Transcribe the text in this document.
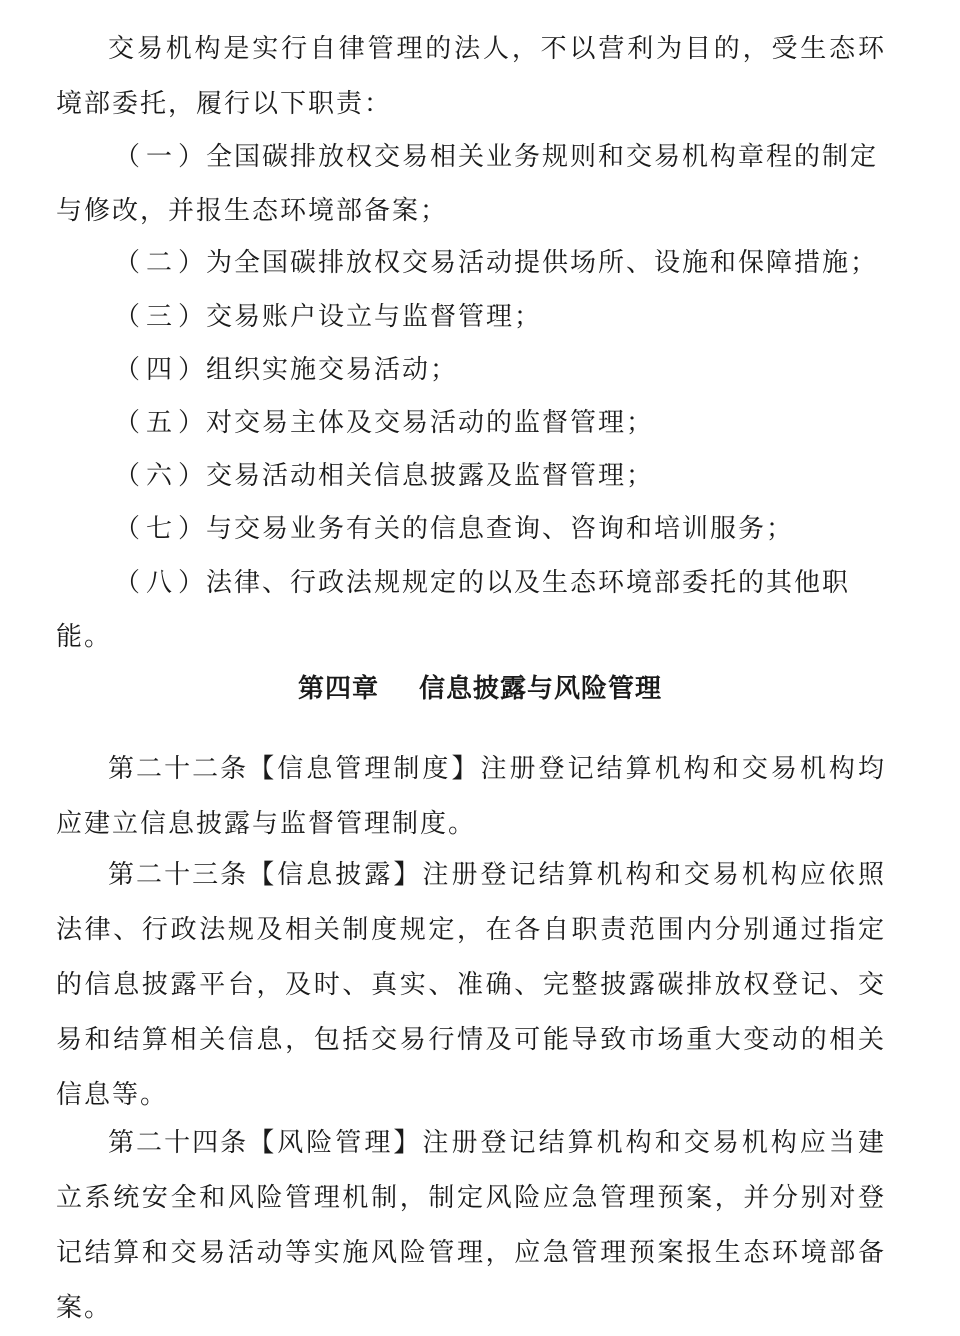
交易机构是实行自律管理的法人，不以营利为目的，受生态环境部委托，履行以下职责：

（一）全国碳排放权交易相关业务规则和交易机构章程的制定与修改，并报生态环境部备案；

（二）为全国碳排放权交易活动提供场所、设施和保障措施；

（三）交易账户设立与监督管理；

（四）组织实施交易活动；

（五）对交易主体及交易活动的监督管理；

（六）交易活动相关信息披露及监督管理；

（七）与交易业务有关的信息查询、咨询和培训服务；

（八）法律、行政法规规定的以及生态环境部委托的其他职能。

第四章 信息披露与风险管理

第二十二条【信息管理制度】注册登记结算机构和交易机构均应建立信息披露与监督管理制度。

第二十三条【信息披露】注册登记结算机构和交易机构应依照法律、行政法规及相关制度规定，在各自职责范围内分别通过指定的信息披露平台，及时、真实、准确、完整披露碳排放权登记、交易和结算相关信息，包括交易行情及可能导致市场重大变动的相关信息等。

第二十四条【风险管理】注册登记结算机构和交易机构应当建立系统安全和风险管理机制，制定风险应急管理预案，并分别对登记结算和交易活动等实施风险管理，应急管理预案报生态环境部备案。
